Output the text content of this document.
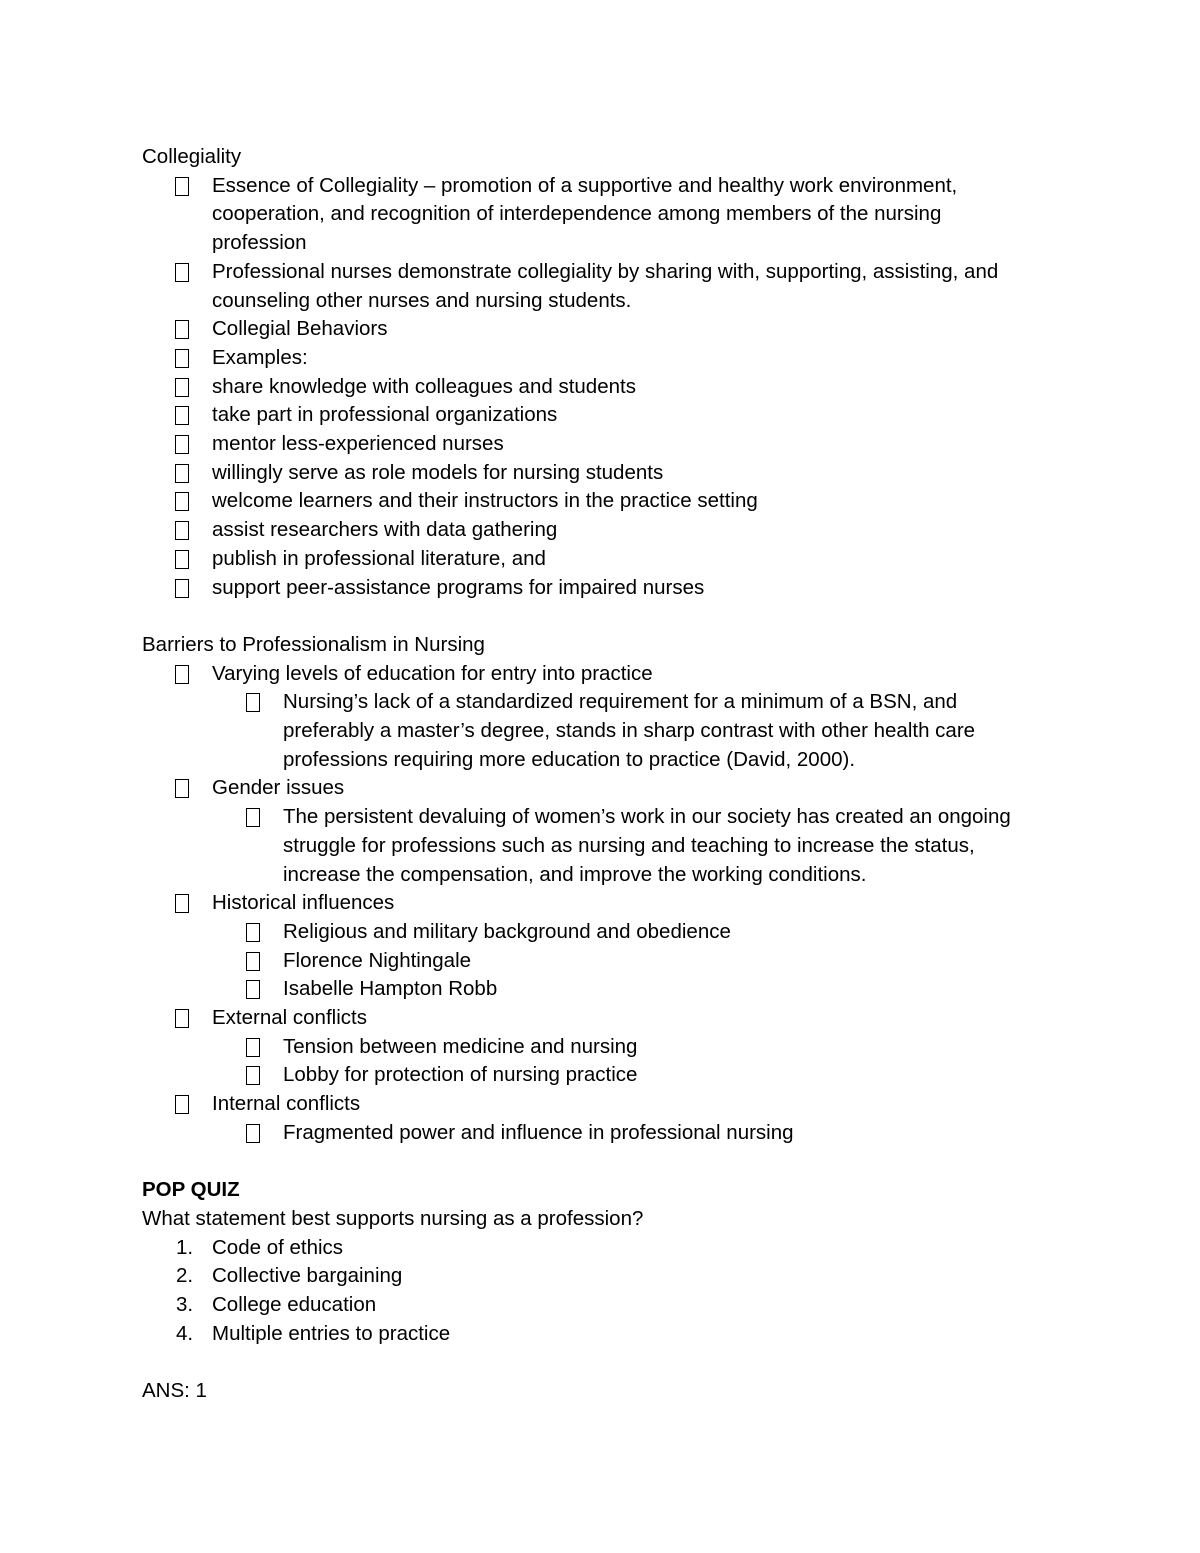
Collegiality
Essence of Collegiality – promotion of a supportive and healthy work environment,
cooperation, and recognition of interdependence among members of the nursing
profession
Professional nurses demonstrate collegiality by sharing with, supporting, assisting, and
counseling other nurses and nursing students.
Collegial Behaviors
Examples:
share knowledge with colleagues and students
take part in professional organizations
mentor less-experienced nurses
willingly serve as role models for nursing students
welcome learners and their instructors in the practice setting
assist researchers with data gathering
publish in professional literature, and
support peer-assistance programs for impaired nurses
Barriers to Professionalism in Nursing
Varying levels of education for entry into practice
Nursing’s lack of a standardized requirement for a minimum of a BSN, and
preferably a master’s degree, stands in sharp contrast with other health care
professions requiring more education to practice (David, 2000).
Gender issues
The persistent devaluing of women’s work in our society has created an ongoing
struggle for professions such as nursing and teaching to increase the status,
increase the compensation, and improve the working conditions.
Historical influences
Religious and military background and obedience
Florence Nightingale
Isabelle Hampton Robb
External conflicts
Tension between medicine and nursing
Lobby for protection of nursing practice
Internal conflicts
Fragmented power and influence in professional nursing
POP QUIZ
What statement best supports nursing as a profession?
1. Code of ethics
2. Collective bargaining
3. College education
4. Multiple entries to practice
ANS: 1
